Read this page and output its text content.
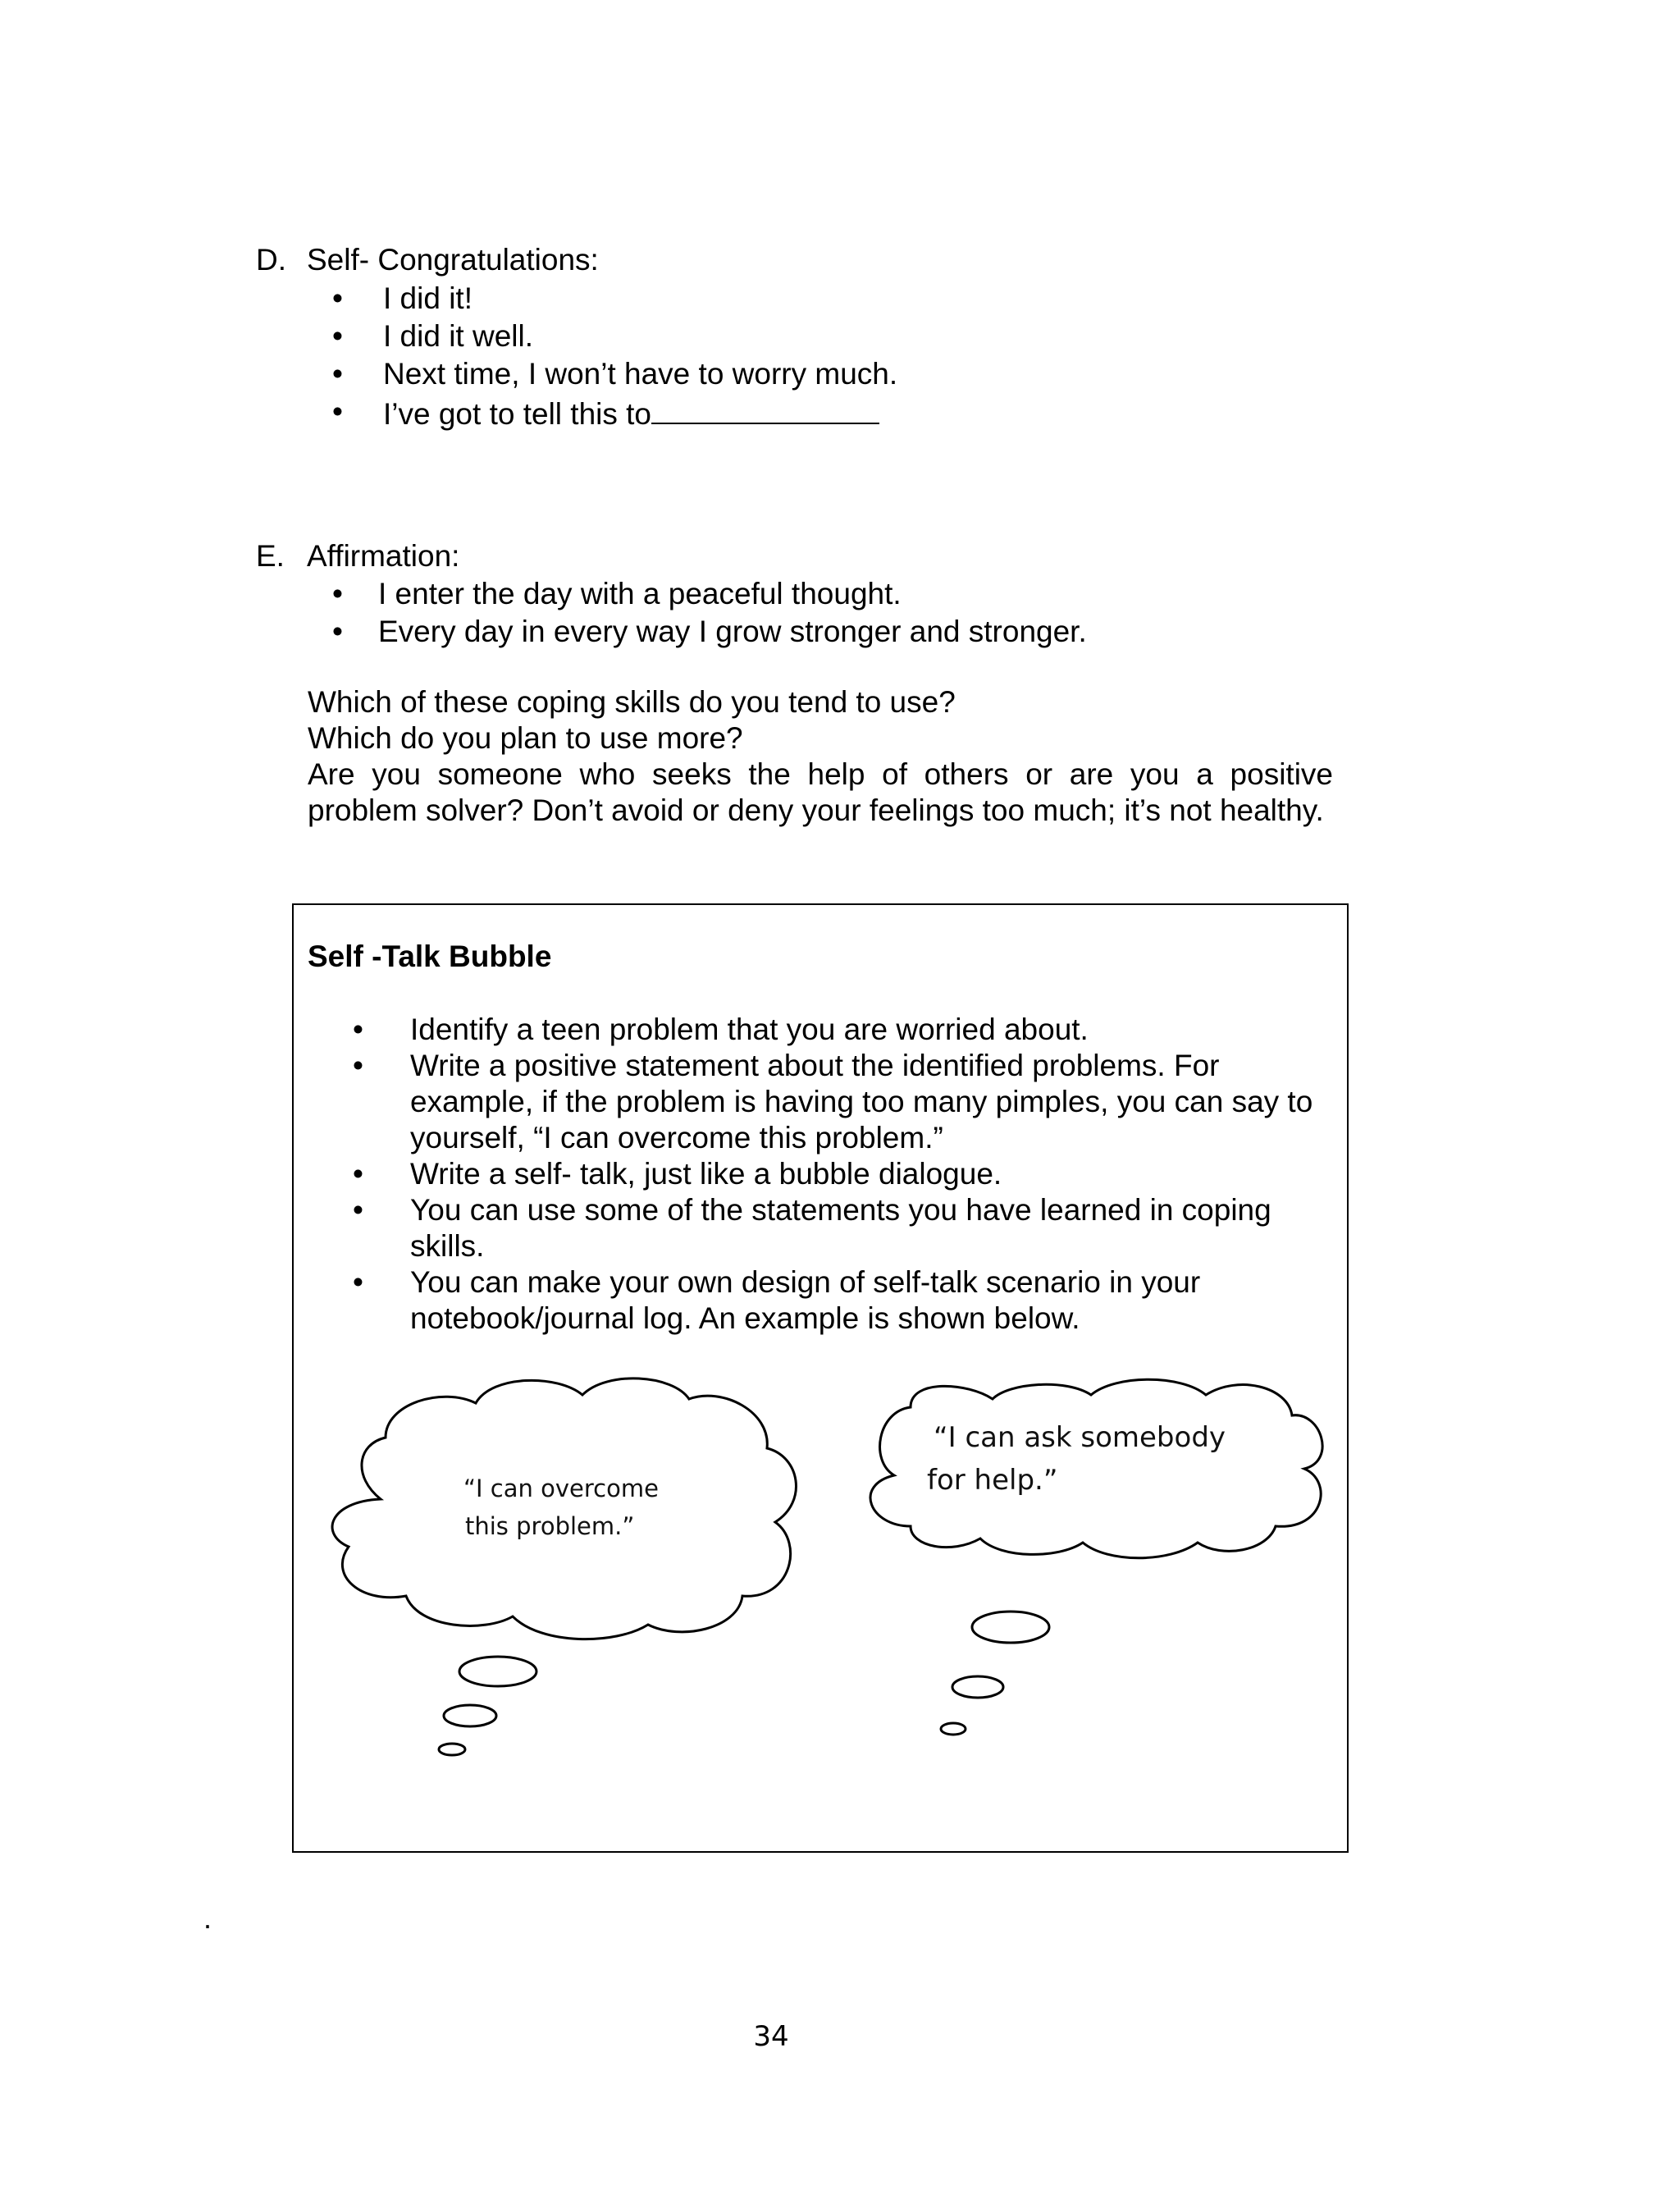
D. Self- Congratulations:
• I did it!
• I did it well.
• Next time, I won’t have to worry much.
• I’ve got to tell this to
E. Affirmation:
• I enter the day with a peaceful thought.
• Every day in every way I grow stronger and stronger.

Which of these coping skills do you tend to use?

Which do you plan to use more?

Are you someone who seeks the help of others or are you a positive problem solver? Don’t avoid or deny your feelings too much; it’s not healthy.

Self -Talk Bubble
• Identify a teen problem that you are worried about.
• Write a positive statement about the identified problems. For example, if the problem is having too many pimples, you can say to yourself, “I can overcome this problem.”
• Write a self- talk, just like a bubble dialogue.
• You can use some of the statements you have learned in coping skills.
• You can make your own design of self-talk scenario in your notebook/journal log. An example is shown below.
“I can overcome
this problem.”
“I can ask somebody
for help.”
.
34
